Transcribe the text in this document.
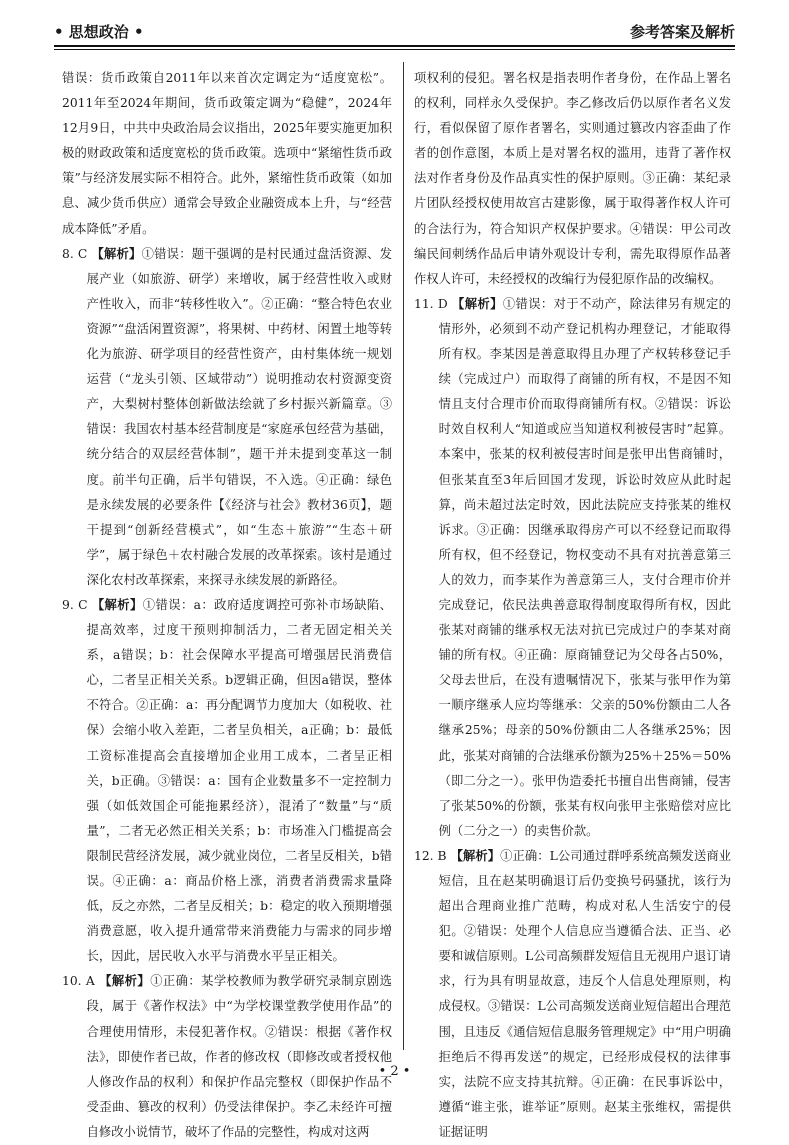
• 思想政治 •	参考答案及解析

错误：货币政策自2011年以来首次定调定为“适度宽松”。2011年至2024年期间，货币政策定调为“稳健”，2024年12月9日，中共中央政治局会议指出，2025年要实施更加积极的财政政策和适度宽松的货币政策。选项中“紧缩性货币政策”与经济发展实际不相符合。此外，紧缩性货币政策（如加息、减少货币供应）通常会导致企业融资成本上升，与“经营成本降低”矛盾。

8. C 【解析】①错误：题干强调的是村民通过盘活资源、发展产业（如旅游、研学）来增收，属于经营性收入或财产性收入，而非“转移性收入”。②正确：“整合特色农业资源”“盘活闲置资源”，将果树、中药材、闲置土地等转化为旅游、研学项目的经营性资产，由村集体统一规划运营（“龙头引领、区域带动”）说明推动农村资源变资产，大梨树村整体创新做法绘就了乡村振兴新篇章。③错误：我国农村基本经营制度是“家庭承包经营为基础，统分结合的双层经营体制”，题干并未提到变革这一制度。前半句正确，后半句错误，不入选。④正确：绿色是永续发展的必要条件【《经济与社会》教材36页】，题干提到“创新经营模式”，如“生态＋旅游”“生态＋研学”，属于绿色＋农村融合发展的改革探索。该村是通过深化农村改革探索，来探寻永续发展的新路径。

9. C 【解析】①错误：a：政府适度调控可弥补市场缺陷、提高效率，过度干预则抑制活力，二者无固定相关关系，a错误；b：社会保障水平提高可增强居民消费信心，二者呈正相关关系。b逻辑正确，但因a错误，整体不符合。②正确：a：再分配调节力度加大（如税收、社保）会缩小收入差距，二者呈负相关，a正确；b：最低工资标准提高会直接增加企业用工成本，二者呈正相关，b正确。③错误：a：国有企业数量多不一定控制力强（如低效国企可能拖累经济），混淆了“数量”与“质量”，二者无必然正相关关系；b：市场准入门槛提高会限制民营经济发展，减少就业岗位，二者呈反相关，b错误。④正确：a：商品价格上涨，消费者消费需求量降低，反之亦然，二者呈反相关；b：稳定的收入预期增强消费意愿，收入提升通常带来消费能力与需求的同步增长，因此，居民收入水平与消费水平呈正相关。

10. A 【解析】①正确：某学校教师为教学研究录制京剧选段，属于《著作权法》中“为学校课堂教学使用作品”的合理使用情形，未侵犯著作权。②错误：根据《著作权法》，即使作者已故，作者的修改权（即修改或者授权他人修改作品的权利）和保护作品完整权（即保护作品不受歪曲、篡改的权利）仍受法律保护。李乙未经许可擅自修改小说情节，破坏了作品的完整性，构成对这两

项权利的侵犯。署名权是指表明作者身份，在作品上署名的权利，同样永久受保护。李乙修改后仍以原作者名义发行，看似保留了原作者署名，实则通过篡改内容歪曲了作者的创作意图，本质上是对署名权的滥用，违背了著作权法对作者身份及作品真实性的保护原则。③正确：某纪录片团队经授权使用故宫古建影像，属于取得著作权人许可的合法行为，符合知识产权保护要求。④错误：甲公司改编民间刺绣作品后申请外观设计专利，需先取得原作品著作权人许可，未经授权的改编行为侵犯原作品的改编权。

11. D 【解析】①错误：对于不动产，除法律另有规定的情形外，必须到不动产登记机构办理登记，才能取得所有权。李某因是善意取得且办理了产权转移登记手续（完成过户）而取得了商铺的所有权，不是因不知情且支付合理市价而取得商铺所有权。②错误：诉讼时效自权利人“知道或应当知道权利被侵害时”起算。本案中，张某的权利被侵害时间是张甲出售商铺时，但张某直至3年后回国才发现，诉讼时效应从此时起算，尚未超过法定时效，因此法院应支持张某的维权诉求。③正确：因继承取得房产可以不经登记而取得所有权，但不经登记，物权变动不具有对抗善意第三人的效力，而李某作为善意第三人，支付合理市价并完成登记，依民法典善意取得制度取得所有权，因此张某对商铺的继承权无法对抗已完成过户的李某对商铺的所有权。④正确：原商铺登记为父母各占50%，父母去世后，在没有遗嘱情况下，张某与张甲作为第一顺序继承人应均等继承：父亲的50%份额由二人各继承25%；母亲的50%份额由二人各继承25%；因此，张某对商铺的合法继承份额为25%＋25%＝50%（即二分之一）。张甲伪造委托书擅自出售商铺，侵害了张某50%的份额，张某有权向张甲主张赔偿对应比例（二分之一）的卖售价款。

12. B 【解析】①正确：L公司通过群呼系统高频发送商业短信，且在赵某明确退订后仍变换号码骚扰，该行为超出合理商业推广范畴，构成对私人生活安宁的侵犯。②错误：处理个人信息应当遵循合法、正当、必要和诚信原则。L公司高频群发短信且无视用户退订请求，行为具有明显故意，违反个人信息处理原则，构成侵权。③错误：L公司高频发送商业短信超出合理范围，且违反《通信短信息服务管理规定》中“用户明确拒绝后不得再发送”的规定，已经形成侵权的法律事实，法院不应支持其抗辩。④正确：在民事诉讼中，遵循“谁主张，谁举证”原则。赵某主张维权，需提供证据证明

• 2 •
